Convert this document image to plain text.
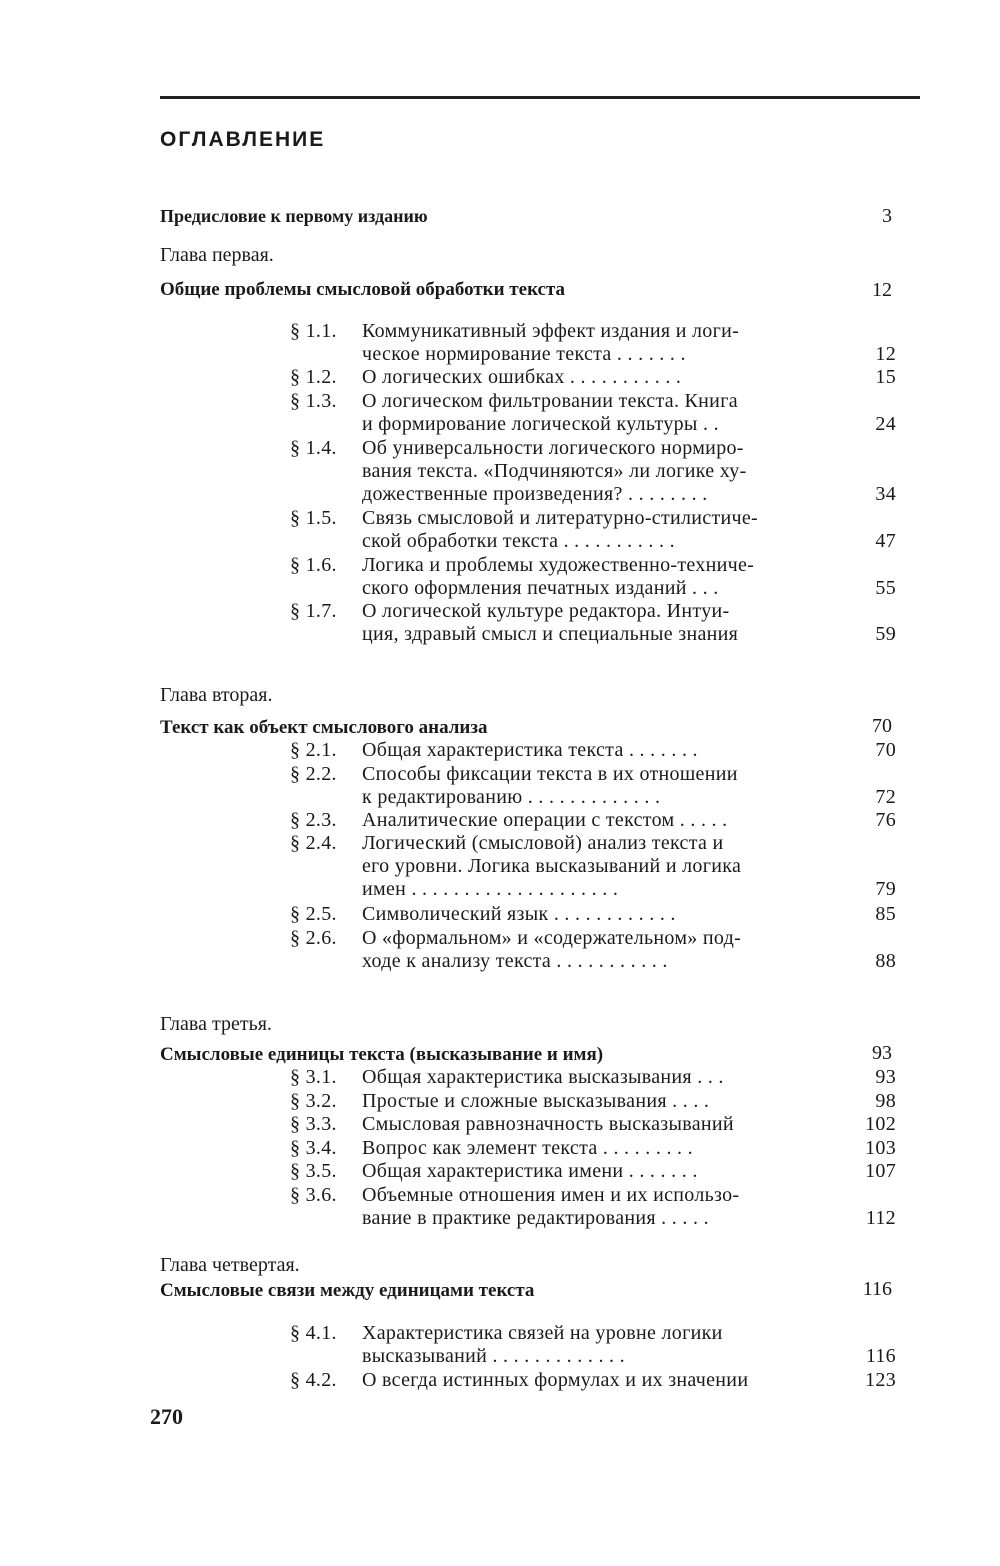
ОГЛАВЛЕНИЕ
Предисловие к первому изданию	3
Глава первая.
Общие проблемы смысловой обработки текста	12
§ 1.1. Коммуникативный эффект издания и логи-
ческое нормирование текста . . . . . . .	12
§ 1.2. О логических ошибках . . . . . . . . . . .	15
§ 1.3. О логическом фильтровании текста. Книга
и формирование логической культуры . .	24
§ 1.4. Об универсальности логического нормиро-
вания текста. «Подчиняются» ли логике ху-
дожественные произведения? . . . . . . . .	34
§ 1.5. Связь смысловой и литературно-стилистиче-
ской обработки текста . . . . . . . . . . .	47
§ 1.6. Логика и проблемы художественно-техниче-
ского оформления печатных изданий . . .	55
§ 1.7. О логической культуре редактора. Интуи-
ция, здравый смысл и специальные знания	59
Глава вторая.
Текст как объект смыслового анализа	70
§ 2.1. Общая характеристика текста . . . . . . .	70
§ 2.2. Способы фиксации текста в их отношении
к редактированию . . . . . . . . . . . . .	72
§ 2.3. Аналитические операции с текстом . . . . .	76
§ 2.4. Логический (смысловой) анализ текста и
его уровни. Логика высказываний и логика
имен . . . . . . . . . . . . . . . . . . . .	79
§ 2.5. Символический язык . . . . . . . . . . . .	85
§ 2.6. О «формальном» и «содержательном» под-
ходе к анализу текста . . . . . . . . . . .	88
Глава третья.
Смысловые единицы текста (высказывание и имя)	93
§ 3.1. Общая характеристика высказывания . . .	93
§ 3.2. Простые и сложные высказывания . . . .	98
§ 3.3. Смысловая равнозначность высказываний	102
§ 3.4. Вопрос как элемент текста . . . . . . . . .	103
§ 3.5. Общая характеристика имени . . . . . . .	107
§ 3.6. Объемные отношения имен и их использо-
вание в практике редактирования . . . . .	112
Глава четвертая.
Смысловые связи между единицами текста	116
§ 4.1. Характеристика связей на уровне логики
высказываний . . . . . . . . . . . . .	116
§ 4.2. О всегда истинных формулах и их значении	123
270
